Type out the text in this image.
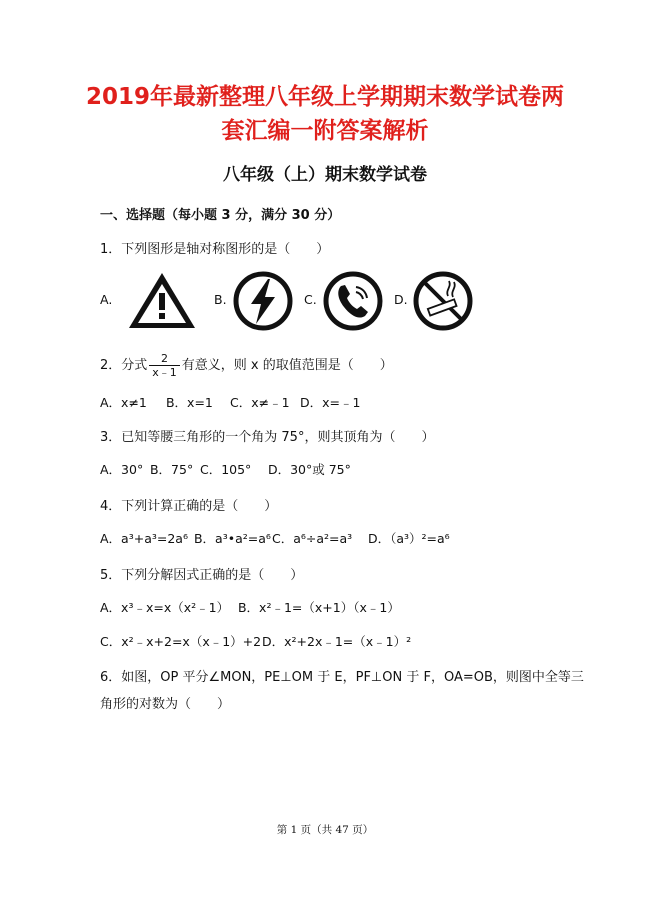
2019年最新整理八年级上学期期末数学试卷两
套汇编一附答案解析
八年级（上）期末数学试卷
一、选择题（每小题 3 分，满分 30 分）
1．下列图形是轴对称图形的是（　　）
A.	B.	C.	D.
2．分式 $\frac{2}{x﹣1}$ 有意义，则 x 的取值范围是（　　）
A．x≠1 B．x=1 C．x≠﹣1 D．x=﹣1
3．已知等腰三角形的一个角为 75°，则其顶角为（　　）
A．30° B．75° C．105° D．30°或 75°
4．下列计算正确的是（　　）
A．a³+a³=2a⁶ B．a³•a²=a⁶ C．a⁶÷a²=a³ D．（a³）²=a⁶
5．下列分解因式正确的是（　　）
A．x³﹣x=x（x²﹣1） B．x²﹣1=（x+1）（x﹣1）
C．x²﹣x+2=x（x﹣1）+2 D．x²+2x﹣1=（x﹣1）²
6．如图，OP 平分∠MON，PE⊥OM 于 E，PF⊥ON 于 F，OA=OB，则图中全等三
角形的对数为（　　）
第 1 页（共 47 页）
